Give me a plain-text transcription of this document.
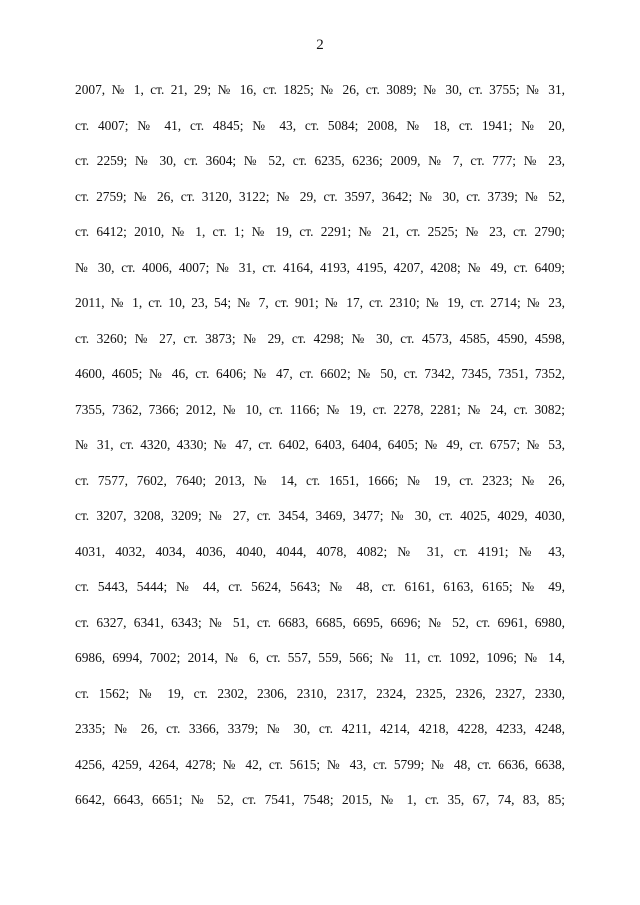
2
2007, № 1, ст. 21, 29; № 16, ст. 1825; № 26, ст. 3089; № 30, ст. 3755; № 31,
ст. 4007; № 41, ст. 4845; № 43, ст. 5084; 2008, № 18, ст. 1941; № 20,
ст. 2259; № 30, ст. 3604; № 52, ст. 6235, 6236; 2009, № 7, ст. 777; № 23,
ст. 2759; № 26, ст. 3120, 3122; № 29, ст. 3597, 3642; № 30, ст. 3739; № 52,
ст. 6412; 2010, № 1, ст. 1; № 19, ст. 2291; № 21, ст. 2525; № 23, ст. 2790;
№ 30, ст. 4006, 4007; № 31, ст. 4164, 4193, 4195, 4207, 4208; № 49, ст. 6409;
2011, № 1, ст. 10, 23, 54; № 7, ст. 901; № 17, ст. 2310; № 19, ст. 2714; № 23,
ст. 3260; № 27, ст. 3873; № 29, ст. 4298; № 30, ст. 4573, 4585, 4590, 4598,
4600, 4605; № 46, ст. 6406; № 47, ст. 6602; № 50, ст. 7342, 7345, 7351, 7352,
7355, 7362, 7366; 2012, № 10, ст. 1166; № 19, ст. 2278, 2281; № 24, ст. 3082;
№ 31, ст. 4320, 4330; № 47, ст. 6402, 6403, 6404, 6405; № 49, ст. 6757; № 53,
ст. 7577, 7602, 7640; 2013, № 14, ст. 1651, 1666; № 19, ст. 2323; № 26,
ст. 3207, 3208, 3209; № 27, ст. 3454, 3469, 3477; № 30, ст. 4025, 4029, 4030,
4031, 4032, 4034, 4036, 4040, 4044, 4078, 4082; № 31, ст. 4191; № 43,
ст. 5443, 5444; № 44, ст. 5624, 5643; № 48, ст. 6161, 6163, 6165; № 49,
ст. 6327, 6341, 6343; № 51, ст. 6683, 6685, 6695, 6696; № 52, ст. 6961, 6980,
6986, 6994, 7002; 2014, № 6, ст. 557, 559, 566; № 11, ст. 1092, 1096; № 14,
ст. 1562; № 19, ст. 2302, 2306, 2310, 2317, 2324, 2325, 2326, 2327, 2330,
2335; № 26, ст. 3366, 3379; № 30, ст. 4211, 4214, 4218, 4228, 4233, 4248,
4256, 4259, 4264, 4278; № 42, ст. 5615; № 43, ст. 5799; № 48, ст. 6636, 6638,
6642, 6643, 6651; № 52, ст. 7541, 7548; 2015, № 1, ст. 35, 67, 74, 83, 85;
